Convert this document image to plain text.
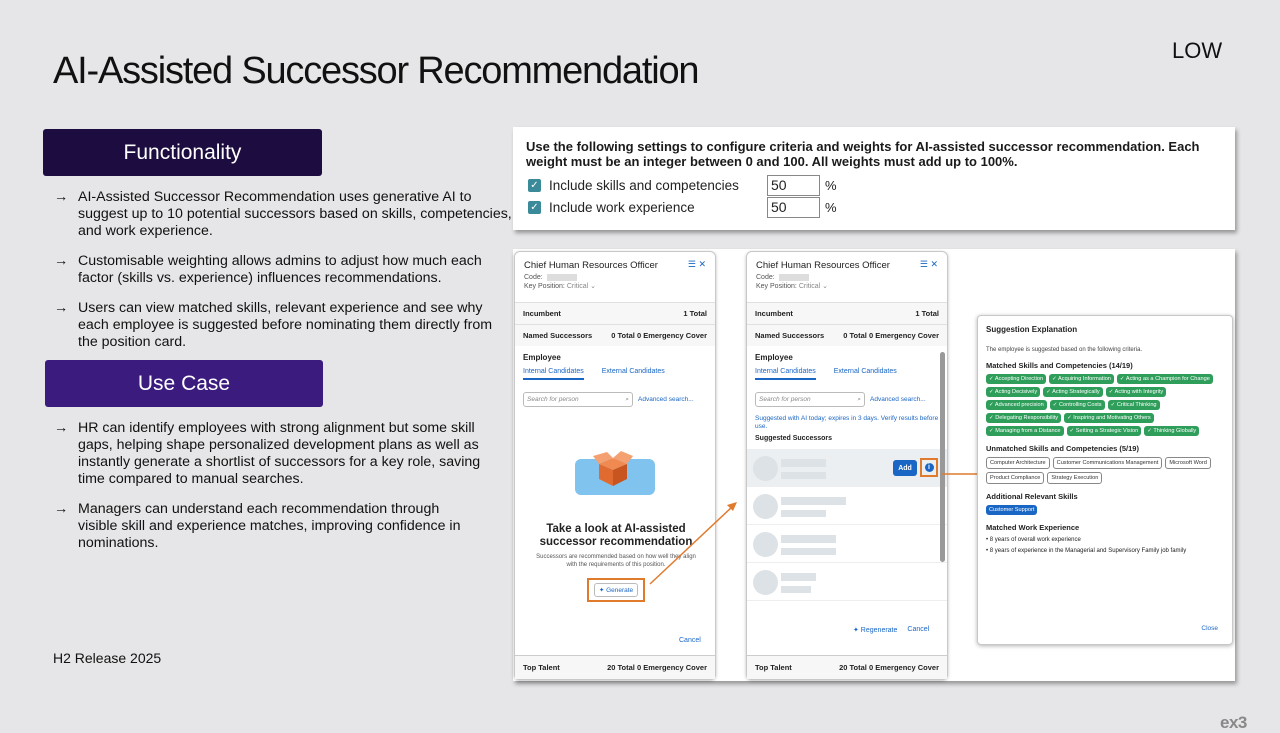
AI-Assisted Successor Recommendation	LOW
Functionality
→ AI-Assisted Successor Recommendation uses generative AI to suggest up to 10 potential successors based on skills, competencies, and work experience.
→ Customisable weighting allows admins to adjust how much each factor (skills vs. experience) influences recommendations.
→ Users can view matched skills, relevant experience and see why each employee is suggested before nominating them directly from the position card.
Use Case
→ HR can identify employees with strong alignment but some skill gaps, helping shape personalized development plans as well as instantly generate a shortlist of successors for a key role, saving time compared to manual searches.
→ Managers can understand each recommendation through visible skill and experience matches, improving confidence in nominations.
H2 Release 2025
ex3
Use the following settings to configure criteria and weights for AI-assisted successor recommendation. Each weight must be an integer between 0 and 100. All weights must add up to 100%.
✓ Include skills and competencies	50	%
✓ Include work experience	50	%
Chief Human Resources Officer
Code:
Key Position: Critical ⌄
☰ ✕
Incumbent	1 Total
Named Successors	0 Total 0 Emergency Cover
Employee
Internal Candidates	External Candidates
Search for person	⌕ Advanced search...
Take a look at AI-assisted successor recommendation
Successors are recommended based on how well they align with the requirements of this position.
✦ Generate
Cancel
Top Talent	20 Total 0 Emergency Cover
Chief Human Resources Officer
Code:
Key Position: Critical ⌄
☰ ✕
Incumbent	1 Total
Named Successors	0 Total 0 Emergency Cover
Employee
Internal Candidates	External Candidates
Search for person	⌕ Advanced search...
Suggested with AI today; expires in 3 days. Verify results before use.
Suggested Successors
Add	i
✦ Regenerate Cancel
Top Talent	20 Total 0 Emergency Cover
Suggestion Explanation
The employee is suggested based on the following criteria.
Matched Skills and Competencies (14/19)
✓ Accepting Direction	✓ Acquiring Information	✓ Acting as a Champion for Change
✓ Acting Decisively	✓ Acting Strategically	✓ Acting with Integrity
✓ Advanced precision	✓ Controlling Costs	✓ Critical Thinking
✓ Delegating Responsibility	✓ Inspiring and Motivating Others
✓ Managing from a Distance	✓ Setting a Strategic Vision	✓ Thinking Globally
Unmatched Skills and Competencies (5/19)
Computer Architecture	Customer Communications Management	Microsoft Word
Product Compliance	Strategy Execution
Additional Relevant Skills
Customer Support
Matched Work Experience
• 8 years of overall work experience
• 8 years of experience in the Managerial and Supervisory Family job family
Close
